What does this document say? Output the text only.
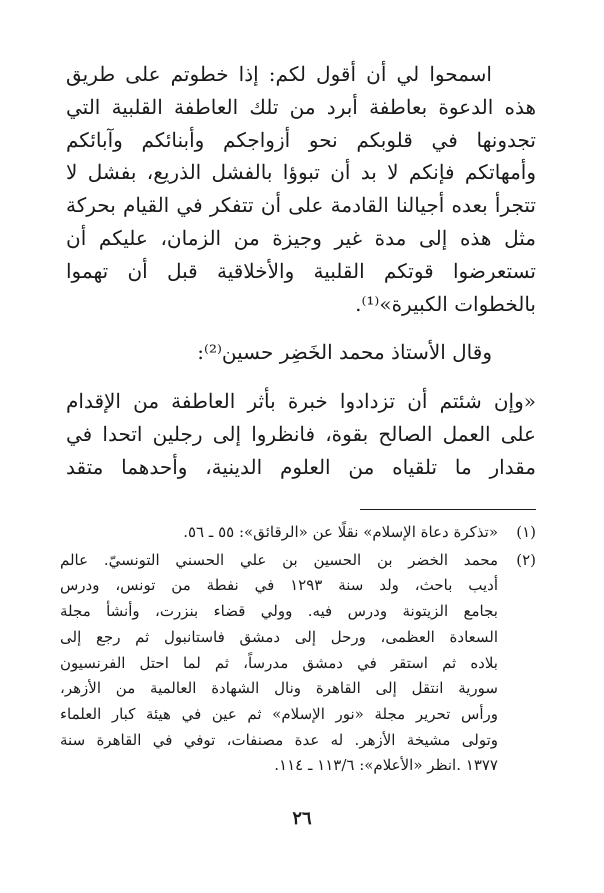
اسمحوا لي أن أقول لكم: إذا خطوتم على طريق
هذه الدعوة بعاطفة أبرد من تلك العاطفة القلبية التي
تجدونها في قلوبكم نحو أزواجكم وأبنائكم وآبائكم
وأمهاتكم فإنكم لا بد أن تبوؤا بالفشل الذريع، بفشل لا
تتجرأ بعده أجيالنا القادمة على أن تتفكر في القيام بحركة
مثل هذه إلى مدة غير وجيزة من الزمان، عليكم أن
تستعرضوا قوتكم القلبية والأخلاقية قبل أن تهموا
بالخطوات الكبيرة»⁽¹⁾.
وقال الأستاذ محمد الخَضِر حسين⁽²⁾:
«وإن شئتم أن تزدادوا خبرة بأثر العاطفة من الإقدام
على العمل الصالح بقوة، فانظروا إلى رجلين اتحدا في
مقدار ما تلقياه من العلوم الدينية، وأحدهما متقد
(١)
«تذكرة دعاة الإسلام» نقلًا عن «الرقائق»: ٥٥ ـ ٥٦.
(٢)
محمد الخضر بن الحسين بن علي الحسني التونسيّ. عالم
أديب باحث، ولد سنة ١٢٩٣ في نفطة من تونس، ودرس
بجامع الزيتونة ودرس فيه. وولي قضاء بنزرت، وأنشأ مجلة
السعادة العظمى، ورحل إلى دمشق فاستانبول ثم رجع إلى
بلاده ثم استقر في دمشق مدرساً، ثم لما احتل الفرنسيون
سورية انتقل إلى القاهرة ونال الشهادة العالمية من الأزهر،
ورأس تحرير مجلة «نور الإسلام» ثم عين في هيئة كبار العلماء
وتولى مشيخة الأزهر. له عدة مصنفات، توفي في القاهرة سنة
١٣٧٧ .انظر «الأعلام»: ١١٣/٦ ـ ١١٤.
٢٦
